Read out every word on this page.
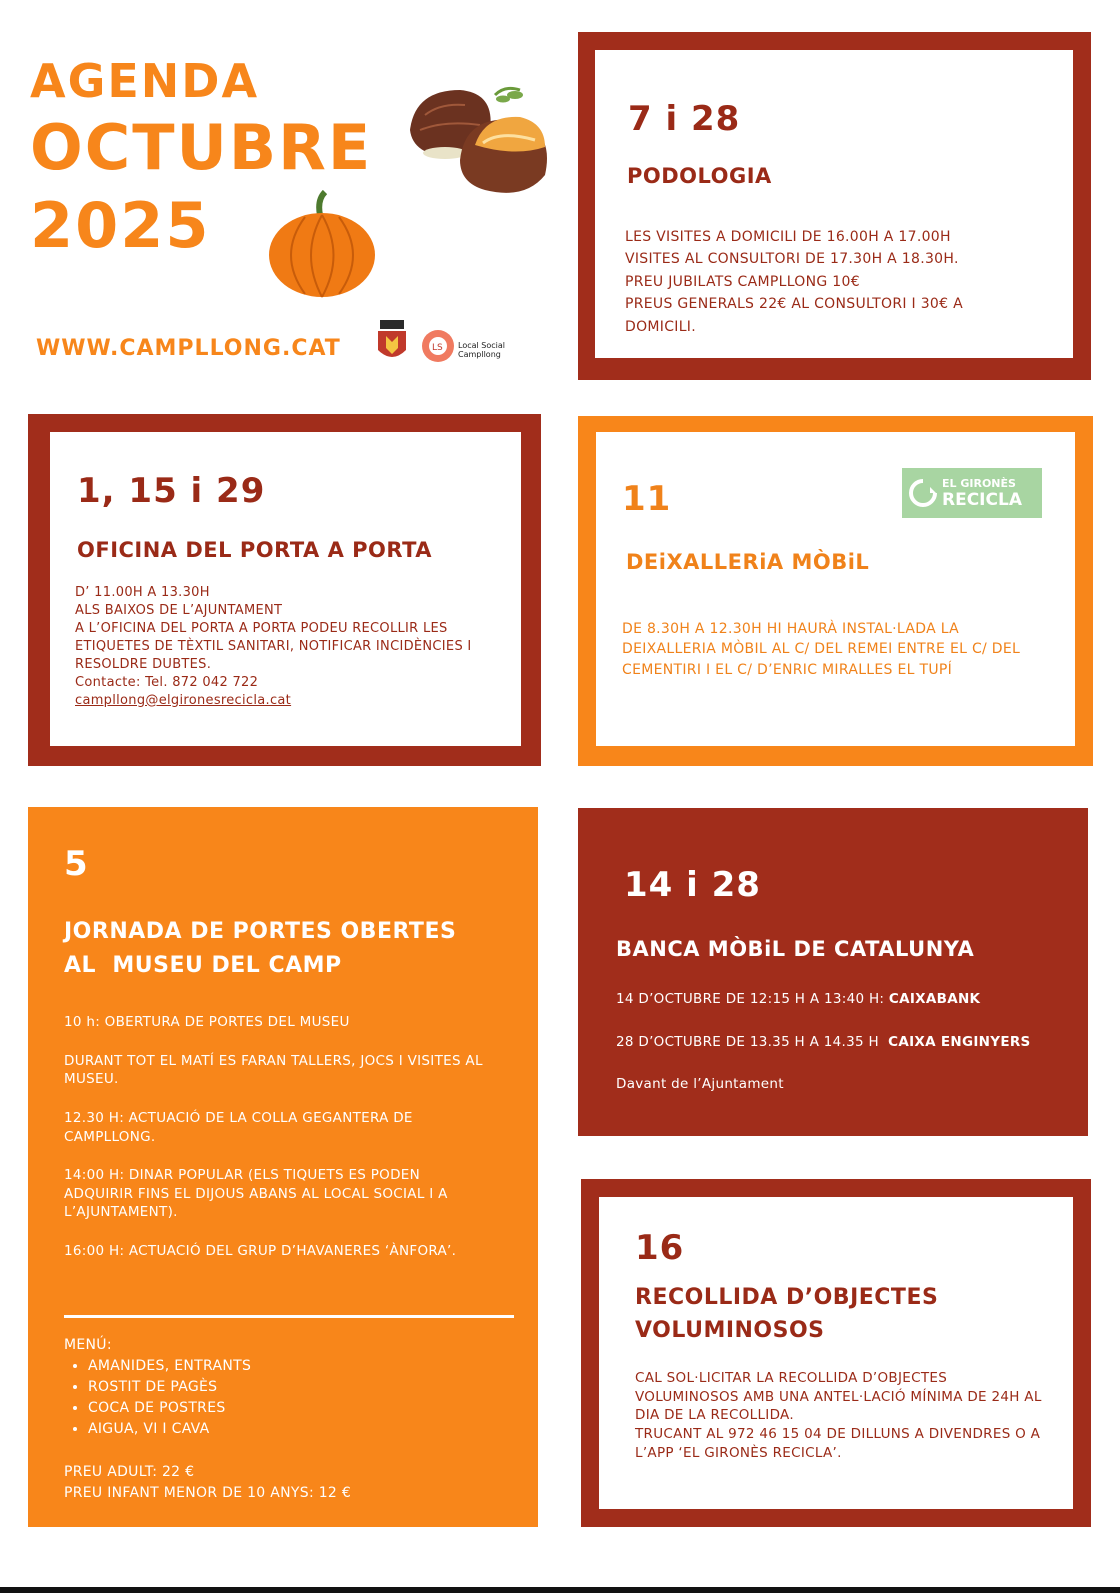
AGENDA
OCTUBRE
2025
WWW.CAMPLLONG.CAT	LS Local Social Campllong
7 i 28
PODOLOGIA

LES VISITES A DOMICILI DE 16.00H A 17.00H

VISITES AL CONSULTORI DE 17.30H A 18.30H.

PREU JUBILATS CAMPLLONG 10€

PREUS GENERALS 22€ AL CONSULTORI I 30€ A DOMICILI.

1, 15 i 29
OFICINA DEL PORTA A PORTA

D’ 11.00H A 13.30H

ALS BAIXOS DE L’AJUNTAMENT

A L’OFICINA DEL PORTA A PORTA PODEU RECOLLIR LES ETIQUETES DE TÈXTIL SANITARI, NOTIFICAR INCIDÈNCIES I RESOLDRE DUBTES.

Contacte: Tel. 872 042 722

campllong@elgironesrecicla.cat

11	EL GIRONÈS
RECICLA
DEiXALLERiA MÒBiL
DE 8.30H A 12.30H HI HAURÀ INSTAL·LADA LA DEIXALLERIA MÒBIL AL C/ DEL REMEI ENTRE EL C/ DEL CEMENTIRI I EL C/ D’ENRIC MIRALLES EL TUPÍ
5
JORNADA DE PORTES OBERTES
AL  MUSEU DEL CAMP

10 h: OBERTURA DE PORTES DEL MUSEU

DURANT TOT EL MATÍ ES FARAN TALLERS, JOCS I VISITES AL MUSEU.

12.30 H: ACTUACIÓ DE LA COLLA GEGANTERA DE CAMPLLONG.

14:00 H: DINAR POPULAR (ELS TIQUETS ES PODEN ADQUIRIR FINS EL DIJOUS ABANS AL LOCAL SOCIAL I A L’AJUNTAMENT).

16:00 H: ACTUACIÓ DEL GRUP D’HAVANERES ‘ÀNFORA’.

MENÚ:

• AMANIDES, ENTRANTS
• ROSTIT DE PAGÈS
• COCA DE POSTRES
• AIGUA, VI I CAVA

PREU ADULT: 22 €

PREU INFANT MENOR DE 10 ANYS: 12 €

14 i 28
BANCA MÒBiL DE CATALUNYA

14 D’OCTUBRE DE 12:15 H A 13:40 H: CAIXABANK

28 D’OCTUBRE DE 13.35 H A 14.35 H  CAIXA ENGINYERS

Davant de l’Ajuntament

16
RECOLLIDA D’OBJECTES
VOLUMINOSOS

CAL SOL·LICITAR LA RECOLLIDA D’OBJECTES VOLUMINOSOS AMB UNA ANTEL·LACIÓ MÍNIMA DE 24H AL DIA DE LA RECOLLIDA.

TRUCANT AL 972 46 15 04 DE DILLUNS A DIVENDRES O A L’APP ‘EL GIRONÈS RECICLA’.
